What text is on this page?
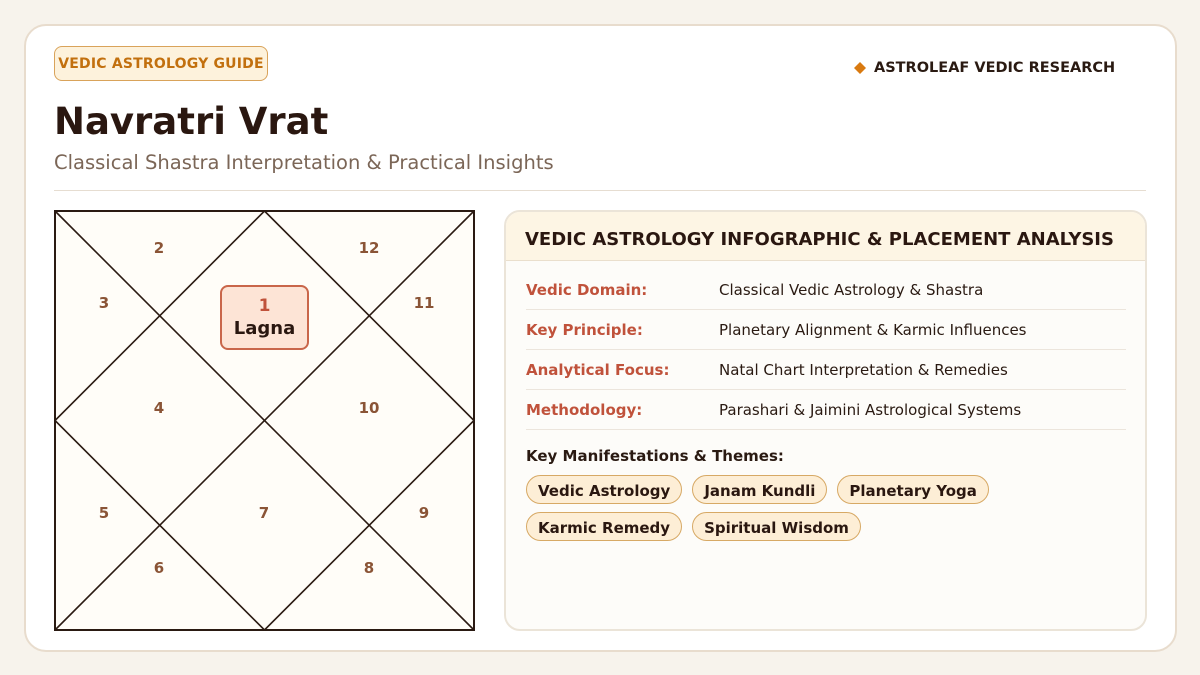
VEDIC ASTROLOGY GUIDE	ASTROLEAF VEDIC RESEARCH
Navratri Vrat
Classical Shastra Interpretation & Practical Insights
1
Lagna
2
3
4
5
6
7
8
9
10
11
12	VEDIC ASTROLOGY INFOGRAPHIC & PLACEMENT ANALYSIS
Vedic Domain:	Classical Vedic Astrology & Shastra
Key Principle:	Planetary Alignment & Karmic Influences
Analytical Focus:	Natal Chart Interpretation & Remedies
Methodology:	Parashari & Jaimini Astrological Systems
Key Manifestations & Themes:
Vedic Astrology	Janam Kundli	Planetary Yoga
Karmic Remedy	Spiritual Wisdom
